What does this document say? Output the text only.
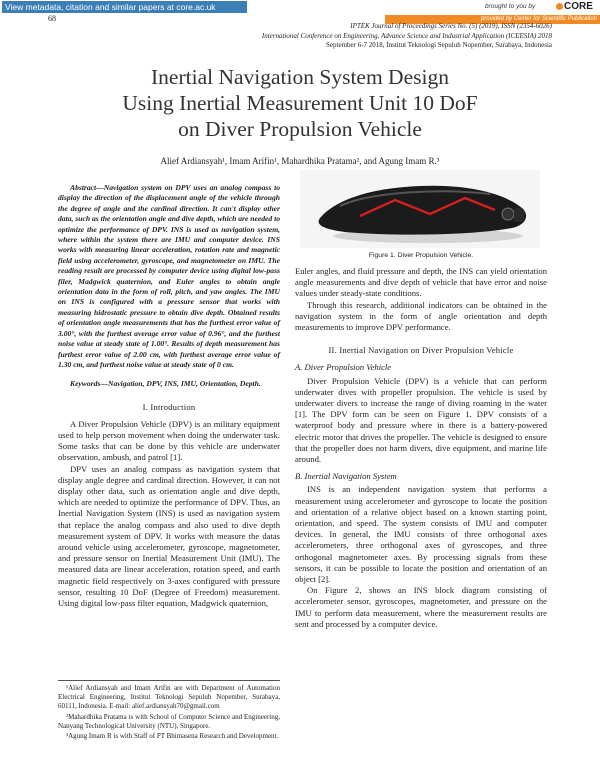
View metadata, citation and similar papers at core.ac.uk	brought to you by	CORE
provided by Center for Scientific Publication
68
IPTEK Journal of Proceedings Series No. (5) (2019), ISSN (2354-6026)
International Conference on Engineering, Advance Science and Industrial Application (ICEESIA) 2018
September 6-7 2018, Institut Teknologi Sepuluh Nopember, Surabaya, Indonesia
Inertial Navigation System Design
Using Inertial Measurement Unit 10 DoF
on Diver Propulsion Vehicle
Alief Ardiansyah¹, Imam Arifin¹, Mahardhika Pratama², and Agung Imam R.³

Abstract—Navigation system on DPV uses an analog compass to display the direction of the displacement angle of the vehicle through the degree of angle and the cardinal direction. It can't display other data, such as the orientation angle and dive depth, which are needed to optimize the performance of DPV. INS is used as navigation system, where within the system there are IMU and computer device. INS works with measuring linear acceleration, rotation rate and magnetic field using accelerometer, gyroscope, and magnetometer on IMU. The reading result are processed by computer device using digital low-pass filer, Madgwick quaternion, and Euler angles to obtain angle orientation data in the form of roll, pitch, and yaw angles. The IMU on INS is configured with a pressure sensor that works with measuring hidrostatic pressure to obtain dive depth. Obtained results of orientation angle measurements that has the furthest error value of 3.00°, with the furthest average error value of 0.96°, and the furthest noise value at steady state of 1.00°. Results of depth measurement has furthest error value of 2.00 cm, with furthest average error value of 1.30 cm, and furthest noise value at steady state of 0 cm.

Keywords—Navigation, DPV, INS, IMU, Orientation, Depth.

I. Introduction

A Diver Propulsion Vehicle (DPV) is an military equipment used to help person movement when doing the underwater task. Some tasks that can be done by this vehicle are underwater observation, ambush, and patrol [1].

DPV uses an analog compass as navigation system that display angle degree and cardinal direction. However, it can not display other data, such as orientation angle and dive depth, which are needed to optimize the performance of DPV. Thus, an Inertial Navigation System (INS) is used as navigation system that replace the analog compass and also used to dive depth measurement system of DPV. It works with measure the datas around vehicle using accelerometer, gyroscope, magnetometer, and pressure sensor on Inertial Measurement Unit (IMU). The measured data are linear acceleration, rotation speed, and earth magnetic field respectively on 3-axes configured with pressure sensor, resulting 10 DoF (Degree of Freedom) measurement. Using digital low-pass filter equation, Madgwick quaternion,

¹Alief Ardiansyah and Imam Arifin are with Department of Automation Electrical Engineering, Institut Teknologi Sepuluh Nopember, Surabaya, 60111, Indonesia. E-mail: alief.ardiansyah70@gmail.com

²Mahardhika Pratama is with School of Computer Science and Engineering, Nanyang Technological University (NTU), Singapore.

³Agung Imam R is with Staff of PT Bhimasena Research and Development.

Figure 1. Diver Propulsion Vehicle.

Euler angles, and fluid pressure and depth, the INS can yield orientation angle measurements and dive depth of vehicle that have error and noise values under steady-state conditions.

Through this research, additional indicators can be obtained in the navigation system in the form of angle orientation and depth measurements to improve DPV performance.

II. Inertial Navigation on Diver Propulsion Vehicle
A. Diver Propulsion Vehicle

Diver Propulsion Vehicle (DPV) is a vehicle that can perform underwater dives with propeller propulsion. The vehicle is used by underwater divers to increase the range of diving roaming in the water [1]. The DPV form can be seen on Figure 1. DPV consists of a waterproof body and pressure where in there is a battery-powered electric motor that drives the propeller. The vehicle is designed to ensure that the propeller does not harm divers, dive equipment, and marine life around.

B. Inertial Navigation System

INS is an independent navigation system that performs a measurement using accelerometer and gyroscope to locate the position and orientation of a relative object based on a known starting point, orientation, and speed. The system consists of IMU and computer devices. In general, the IMU consists of three orthogonal axes accelerometers, three orthogonal axes of gyroscopes, and three orthogonal magnetometer axes. By processing signals from these sensors, it can be possible to locate the position and orientation of an object [2].

On Figure 2, shows an INS block diagram consisting of accelerometer sensor, gyroscopes, magnetometer, and pressure on the IMU to perform data measurement, where the measurement results are sent and processed by a computer device.
